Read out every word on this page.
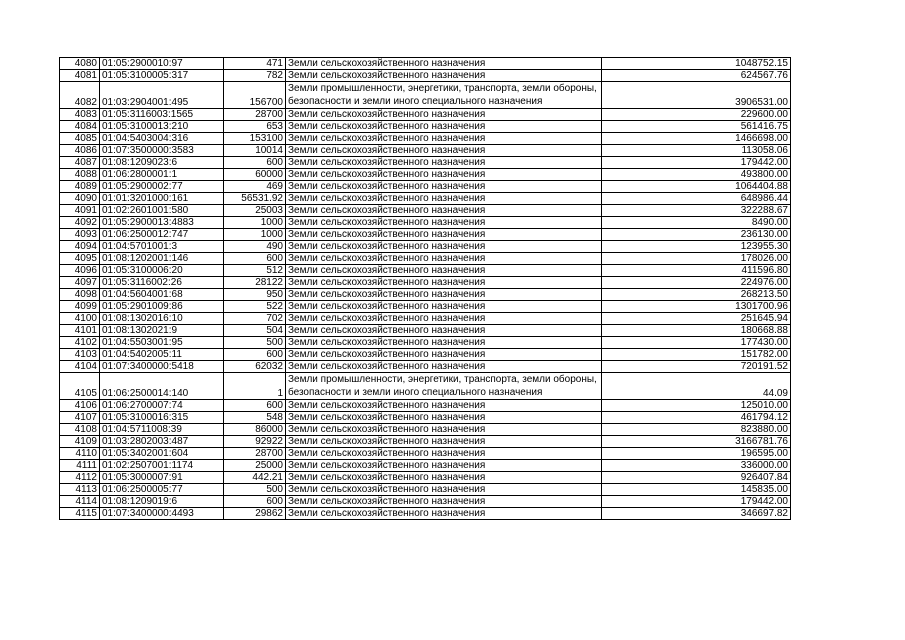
4080	01:05:2900010:97	471	Земли сельскохозяйственного назначения	1048752.15
4081	01:05:3100005:317	782	Земли сельскохозяйственного назначения	624567.76
4082	01:03:2904001:495	156700	Земли промышленности, энергетики, транспорта, земли обороны, безопасности и земли иного специального назначения	3906531.00
4083	01:05:3116003:1565	28700	Земли сельскохозяйственного назначения	229600.00
4084	01:05:3100013:210	653	Земли сельскохозяйственного назначения	561416.75
4085	01:04:5403004:316	153100	Земли сельскохозяйственного назначения	1466698.00
4086	01:07:3500000:3583	10014	Земли сельскохозяйственного назначения	113058.06
4087	01:08:1209023:6	600	Земли сельскохозяйственного назначения	179442.00
4088	01:06:2800001:1	60000	Земли сельскохозяйственного назначения	493800.00
4089	01:05:2900002:77	469	Земли сельскохозяйственного назначения	1064404.88
4090	01:01:3201000:161	56531.92	Земли сельскохозяйственного назначения	648986.44
4091	01:02:2601001:580	25003	Земли сельскохозяйственного назначения	322288.67
4092	01:05:2900013:4883	1000	Земли сельскохозяйственного назначения	8490.00
4093	01:06:2500012:747	1000	Земли сельскохозяйственного назначения	236130.00
4094	01:04:5701001:3	490	Земли сельскохозяйственного назначения	123955.30
4095	01:08:1202001:146	600	Земли сельскохозяйственного назначения	178026.00
4096	01:05:3100006:20	512	Земли сельскохозяйственного назначения	411596.80
4097	01:05:3116002:26	28122	Земли сельскохозяйственного назначения	224976.00
4098	01:04:5604001:68	950	Земли сельскохозяйственного назначения	268213.50
4099	01:05:2901009:86	522	Земли сельскохозяйственного назначения	1301700.96
4100	01:08:1302016:10	702	Земли сельскохозяйственного назначения	251645.94
4101	01:08:1302021:9	504	Земли сельскохозяйственного назначения	180668.88
4102	01:04:5503001:95	500	Земли сельскохозяйственного назначения	177430.00
4103	01:04:5402005:11	600	Земли сельскохозяйственного назначения	151782.00
4104	01:07:3400000:5418	62032	Земли сельскохозяйственного назначения	720191.52
4105	01:06:2500014:140	1	Земли промышленности, энергетики, транспорта, земли обороны, безопасности и земли иного специального назначения	44.09
4106	01:06:2700007:74	600	Земли сельскохозяйственного назначения	125010.00
4107	01:05:3100016:315	548	Земли сельскохозяйственного назначения	461794.12
4108	01:04:5711008:39	86000	Земли сельскохозяйственного назначения	823880.00
4109	01:03:2802003:487	92922	Земли сельскохозяйственного назначения	3166781.76
4110	01:05:3402001:604	28700	Земли сельскохозяйственного назначения	196595.00
4111	01:02:2507001:1174	25000	Земли сельскохозяйственного назначения	336000.00
4112	01:05:3000007:91	442.21	Земли сельскохозяйственного назначения	926407.84
4113	01:06:2500005:77	500	Земли сельскохозяйственного назначения	145835.00
4114	01:08:1209019:6	600	Земли сельскохозяйственного назначения	179442.00
4115	01:07:3400000:4493	29862	Земли сельскохозяйственного назначения	346697.82
